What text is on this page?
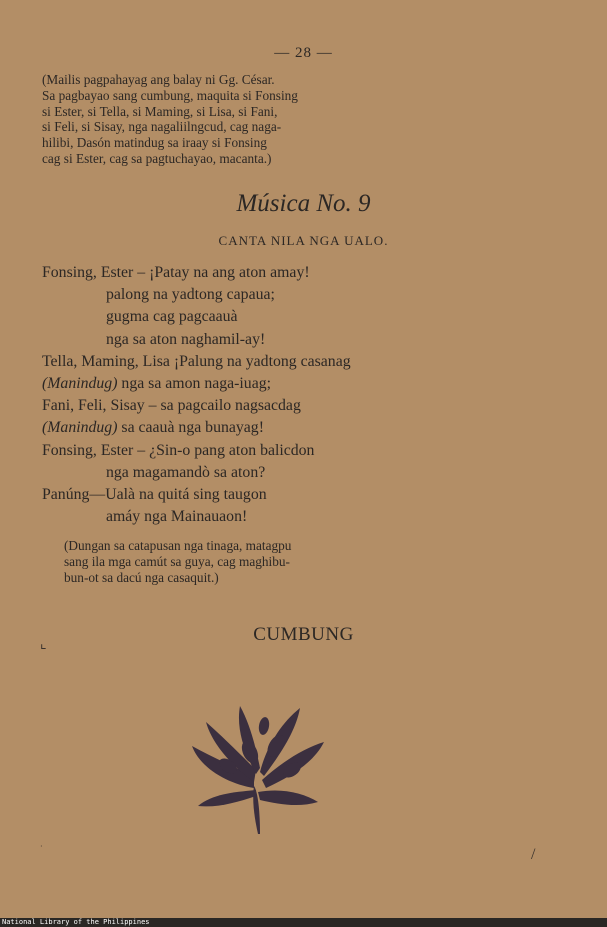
— 28 —
(Mailis pagpahayag ang balay ni Gg. César.
Sa pagbayao sang cumbung, maquita si Fonsing
si Ester, si Tella, si Maming, si Lisa, si Fani,
si Feli, si Sisay, nga nagaliilngcud, cag naga-
hilibi, Dasón matindug sa iraay si Fonsing
cag si Ester, cag sa pagtuchayao, macanta.)
Música No. 9
CANTA NILA NGA UALO.
Fonsing, Ester – ¡Patay na ang aton amay!
palong na yadtong capaua;
gugma cag pagcaauà
nga sa aton naghamil-ay!
Tella, Maming, Lisa ¡Palung na yadtong casanag
(Manindug) nga sa amon naga-iuag;
Fani, Feli, Sisay – sa pagcailo nagsacdag
(Manindug) sa caauà nga bunayag!
Fonsing, Ester – ¿Sin-o pang aton balicdon
nga magamandò sa aton?
Panúng—Ualà na quitá sing taugon
amáy nga Mainauaon!
(Dungan sa catapusan nga tinaga, matagpu
sang ila mga camút sa guya, cag maghibu-
bun-ot sa dacú nga casaquit.)
CUMBUNG
⌞
/
·
National Library of the Philippines
